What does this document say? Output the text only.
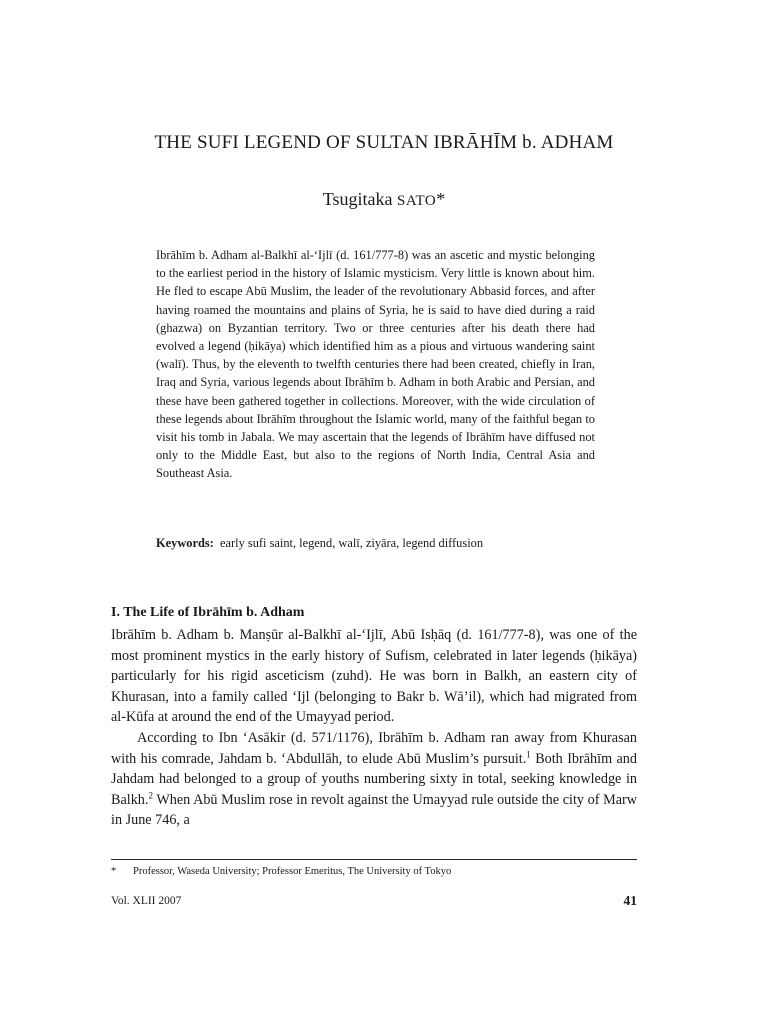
THE SUFI LEGEND OF SULTAN IBRĀHĪM b. ADHAM
Tsugitaka SATO*

Ibrāhīm b. Adham al-Balkhī al-‘Ijlī (d. 161/777-8) was an ascetic and mystic belonging to the earliest period in the history of Islamic mysticism. Very little is known about him. He fled to escape Abū Muslim, the leader of the revolutionary Abbasid forces, and after having roamed the mountains and plains of Syria, he is said to have died during a raid (ghazwa) on Byzantian territory. Two or three centuries after his death there had evolved a legend (ḥikāya) which identified him as a pious and virtuous wandering saint (walī). Thus, by the eleventh to twelfth centuries there had been created, chiefly in Iran, Iraq and Syria, various legends about Ibrāhīm b. Adham in both Arabic and Persian, and these have been gathered together in collections. Moreover, with the wide circulation of these legends about Ibrāhīm throughout the Islamic world, many of the faithful began to visit his tomb in Jabala. We may ascertain that the legends of Ibrāhīm have diffused not only to the Middle East, but also to the regions of North India, Central Asia and Southeast Asia.

Keywords: early sufi saint, legend, walī, ziyāra, legend diffusion
I. The Life of Ibrāhīm b. Adham

Ibrāhīm b. Adham b. Manṣūr al-Balkhī al-‘Ijlī, Abū Isḥāq (d. 161/777-8), was one of the most prominent mystics in the early history of Sufism, celebrated in later legends (ḥikāya) particularly for his rigid asceticism (zuhd). He was born in Balkh, an eastern city of Khurasan, into a family called ‘Ijl (belonging to Bakr b. Wā’il), which had migrated from al-Kūfa at around the end of the Umayyad period.

According to Ibn ‘Asākir (d. 571/1176), Ibrāhīm b. Adham ran away from Khurasan with his comrade, Jahdam b. ‘Abdullāh, to elude Abū Muslim’s pursuit.$^1$ Both Ibrāhīm and Jahdam had belonged to a group of youths numbering sixty in total, seeking knowledge in Balkh.$^2$ When Abū Muslim rose in revolt against the Umayyad rule outside the city of Marw in June 746, a

* Professor, Waseda University; Professor Emeritus, The University of Tokyo
Vol. XLII 2007	41
